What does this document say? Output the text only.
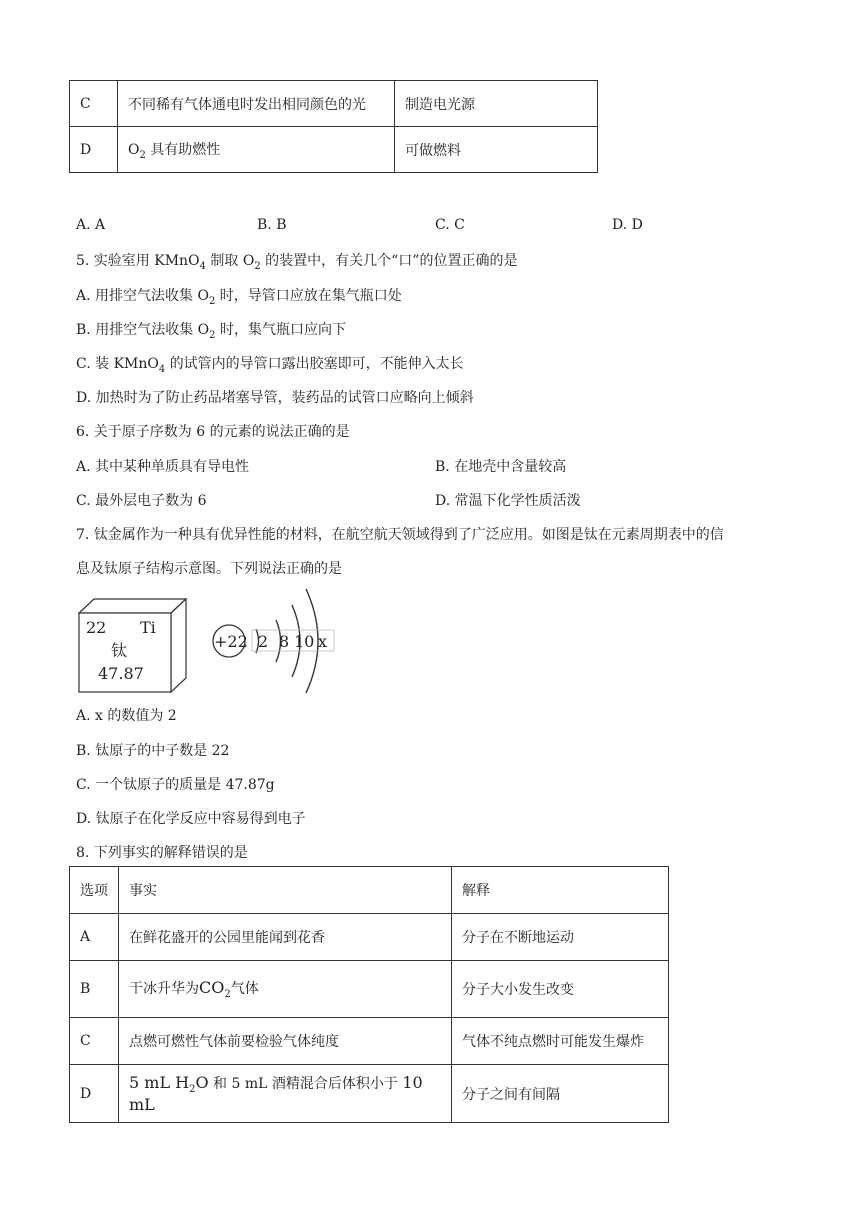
C	不同稀有气体通电时发出相同颜色的光	制造电光源
D	$O_2$ 具有助燃性	可做燃料
A. A	B. B	C. C	D. D
5. 实验室用 KMnO$_4$ 制取 $O_2$ 的装置中，有关几个“口”的位置正确的是
A. 用排空气法收集 $O_2$ 时，导管口应放在集气瓶口处
B. 用排空气法收集 $O_2$ 时，集气瓶口应向下
C. 装 KMnO$_4$ 的试管内的导管口露出胶塞即可，不能伸入太长
D. 加热时为了防止药品堵塞导管，装药品的试管口应略向上倾斜
6. 关于原子序数为 6 的元素的说法正确的是
A. 其中某种单质具有导电性	B. 在地壳中含量较高
C. 最外层电子数为 6	D. 常温下化学性质活泼
7. 钛金属作为一种具有优异性能的材料，在航空航天领域得到了广泛应用。如图是钛在元素周期表中的信
息及钛原子结构示意图。下列说法正确的是
22 Ti
钛
47.87
+22 2 8 10 x
A. x 的数值为 2
B. 钛原子的中子数是 22
C. 一个钛原子的质量是 47.87g
D. 钛原子在化学反应中容易得到电子
8. 下列事实的解释错误的是
选项	事实	解释
A	在鲜花盛开的公园里能闻到花香	分子在不断地运动
B	干冰升华为$CO_2$气体	分子大小发生改变
C	点燃可燃性气体前要检验气体纯度	气体不纯点燃时可能发生爆炸
D	5 mL $H_2O$ 和 5 mL 酒精混合后体积小于 10 mL	分子之间有间隔
